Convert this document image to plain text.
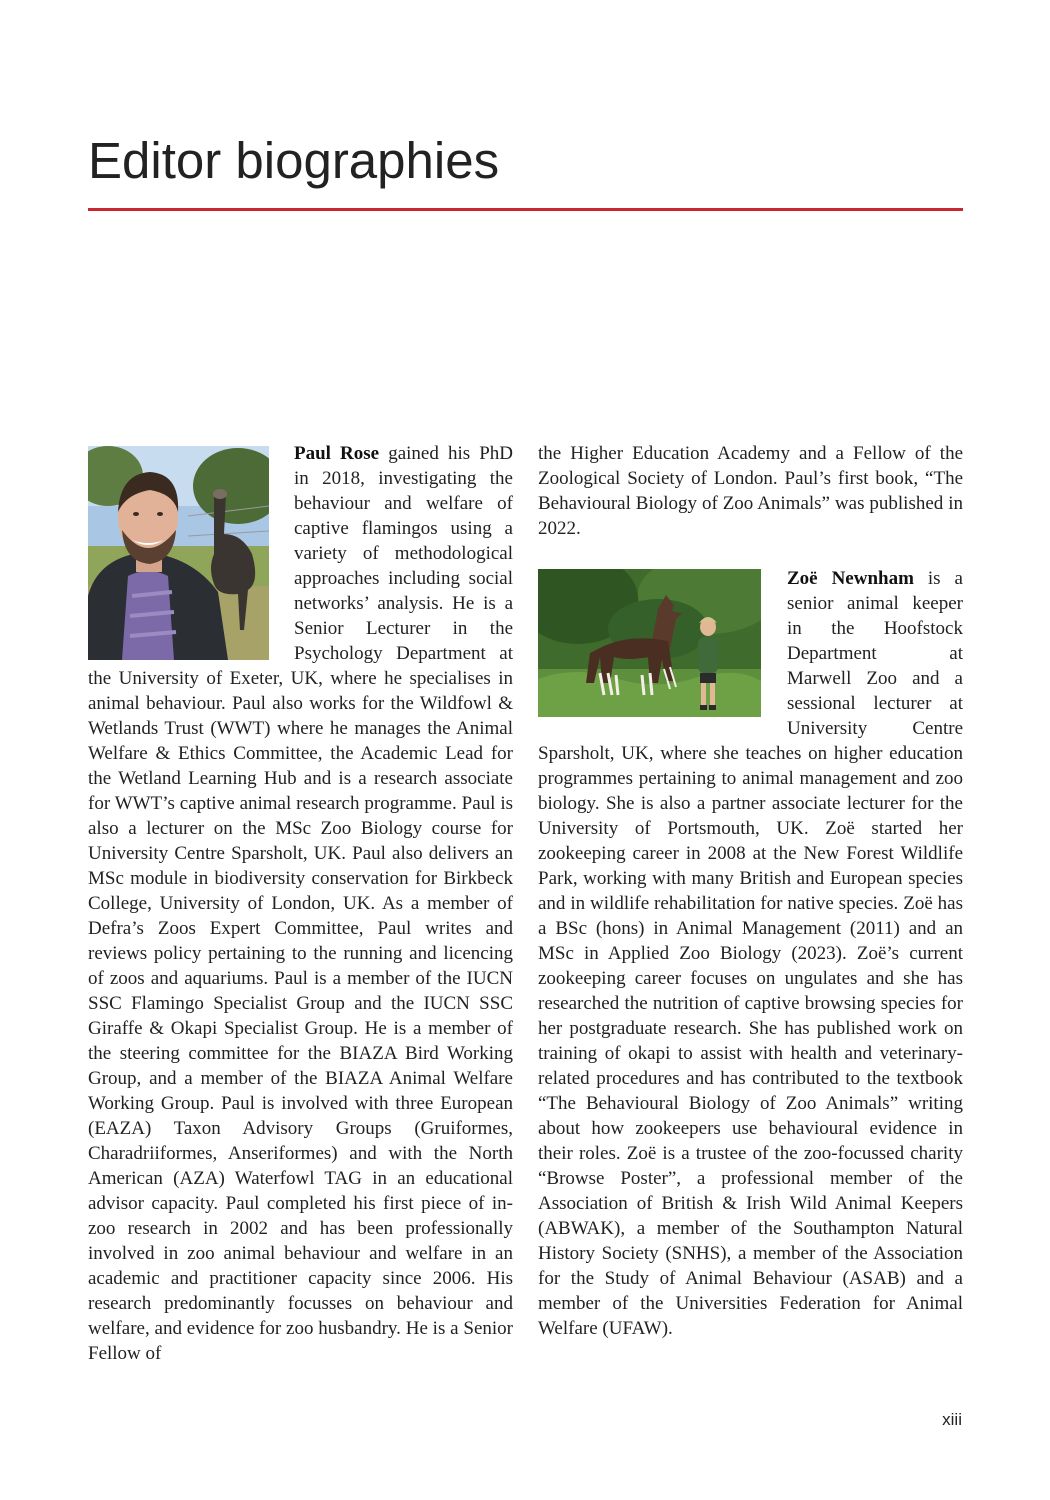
Editor biographies

Paul Rose gained his PhD in 2018, investigating the behaviour and welfare of captive flamingos using a variety of methodological approaches including social networks’ analysis. He is a Senior Lecturer in the Psychology Department at the University of Exeter, UK, where he specialises in animal behaviour. Paul also works for the Wildfowl & Wetlands Trust (WWT) where he manages the Animal Welfare & Ethics Committee, the Academic Lead for the Wetland Learning Hub and is a research associate for WWT’s captive animal research programme. Paul is also a lecturer on the MSc Zoo Biology course for University Centre Sparsholt, UK. Paul also delivers an MSc module in biodiversity conservation for Birkbeck College, University of London, UK. As a member of Defra’s Zoos Expert Committee, Paul writes and reviews policy pertaining to the running and licencing of zoos and aquariums. Paul is a member of the IUCN SSC Flamingo Specialist Group and the IUCN SSC Giraffe & Okapi Specialist Group. He is a member of the steering committee for the BIAZA Bird Working Group, and a member of the BIAZA Animal Welfare Working Group. Paul is involved with three European (EAZA) Taxon Advisory Groups (Gruiformes, Charadriiformes, Anseriformes) and with the North American (AZA) Waterfowl TAG in an educational advisor capacity. Paul completed his first piece of in-zoo research in 2002 and has been professionally involved in zoo animal behaviour and welfare in an academic and practitioner capacity since 2006. His research predominantly focusses on behaviour and welfare, and evidence for zoo husbandry. He is a Senior Fellow of

the Higher Education Academy and a Fellow of the Zoological Society of London. Paul’s first book, “The Behavioural Biology of Zoo Animals” was published in 2022.

Zoë Newnham is a senior animal keeper in the Hoofstock Department at Marwell Zoo and a sessional lecturer at University Centre Sparsholt, UK, where she teaches on higher education programmes pertaining to animal management and zoo biology. She is also a partner associate lecturer for the University of Portsmouth, UK. Zoë started her zookeeping career in 2008 at the New Forest Wildlife Park, working with many British and European species and in wildlife rehabilitation for native species. Zoë has a BSc (hons) in Animal Management (2011) and an MSc in Applied Zoo Biology (2023). Zoë’s current zookeeping career focuses on ungulates and she has researched the nutrition of captive browsing species for her postgraduate research. She has published work on training of okapi to assist with health and veterinary-related procedures and has contributed to the textbook “The Behavioural Biology of Zoo Animals” writing about how zookeepers use behavioural evidence in their roles. Zoë is a trustee of the zoo-focussed charity “Browse Poster”, a professional member of the Association of British & Irish Wild Animal Keepers (ABWAK), a member of the Southampton Natural History Society (SNHS), a member of the Association for the Study of Animal Behaviour (ASAB) and a member of the Universities Federation for Animal Welfare (UFAW).

xiii
